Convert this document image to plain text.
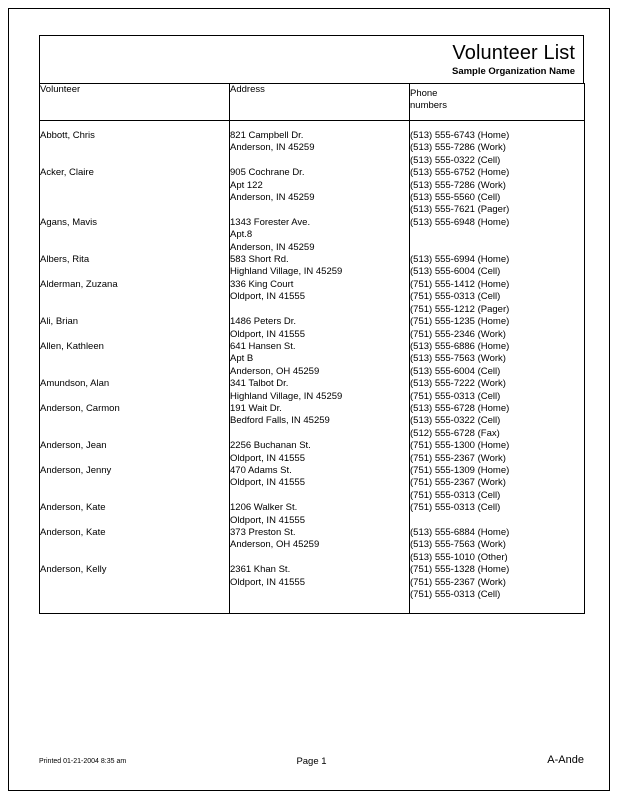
Volunteer List
Sample Organization Name
Volunteer	Address	Phone
numbers

Abbott, Chris	821 Campbell Dr.
Anderson, IN 45259	(513) 555-6743 (Home)
(513) 555-7286 (Work)
(513) 555-0322 (Cell)

Acker, Claire	905 Cochrane Dr.
Apt 122
Anderson, IN 45259	(513) 555-6752 (Home)
(513) 555-7286 (Work)
(513) 555-5560 (Cell)
(513) 555-7621 (Pager)

Agans, Mavis	1343 Forester Ave.
Apt.8
Anderson, IN 45259	(513) 555-6948 (Home)

Albers, Rita	583 Short Rd.
Highland Village, IN 45259	(513) 555-6994 (Home)
(513) 555-6004 (Cell)

Alderman, Zuzana	336 King Court
Oldport, IN 41555	(751) 555-1412 (Home)
(751) 555-0313 (Cell)
(751) 555-1212 (Pager)

Ali, Brian	1486 Peters Dr.
Oldport, IN 41555	(751) 555-1235 (Home)
(751) 555-2346 (Work)

Allen, Kathleen	641 Hansen St.
Apt B
Anderson, OH 45259	(513) 555-6886 (Home)
(513) 555-7563 (Work)
(513) 555-6004 (Cell)

Amundson, Alan	341 Talbot Dr.
Highland Village, IN 45259	(513) 555-7222 (Work)
(751) 555-0313 (Cell)

Anderson, Carmon	191 Wait Dr.
Bedford Falls, IN 45259	(513) 555-6728 (Home)
(513) 555-0322 (Cell)
(512) 555-6728 (Fax)

Anderson, Jean	2256 Buchanan St.
Oldport, IN 41555	(751) 555-1300 (Home)
(751) 555-2367 (Work)

Anderson, Jenny	470 Adams St.
Oldport, IN 41555	(751) 555-1309 (Home)
(751) 555-2367 (Work)
(751) 555-0313 (Cell)

Anderson, Kate	1206 Walker St.
Oldport, IN 41555	(751) 555-0313 (Cell)

Anderson, Kate	373 Preston St.
Anderson, OH 45259	(513) 555-6884 (Home)
(513) 555-7563 (Work)
(513) 555-1010 (Other)

Anderson, Kelly	2361 Khan St.
Oldport, IN 41555	(751) 555-1328 (Home)
(751) 555-2367 (Work)
(751) 555-0313 (Cell)
Printed 01-21-2004 8:35 am	Page 1	A-Ande
